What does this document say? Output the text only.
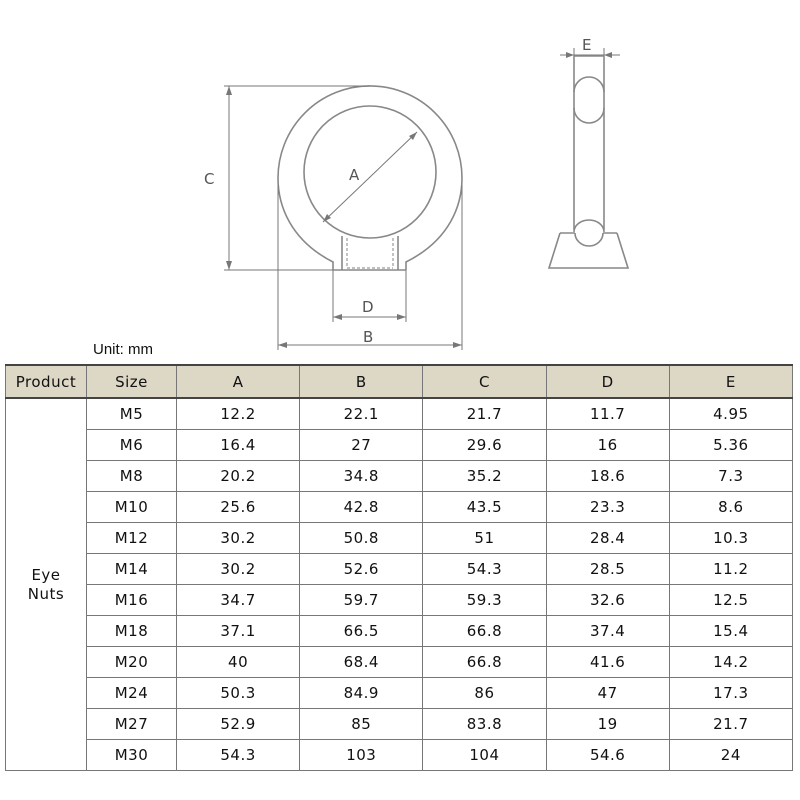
C	A
D
B
E
Unit: mm
Product	Size	A	B	C	D	E
Eye
Nuts	M5	12.2	22.1	21.7	11.7	4.95
	M6	16.4	27	29.6	16	5.36
	M8	20.2	34.8	35.2	18.6	7.3
	M10	25.6	42.8	43.5	23.3	8.6
	M12	30.2	50.8	51	28.4	10.3
	M14	30.2	52.6	54.3	28.5	11.2
	M16	34.7	59.7	59.3	32.6	12.5
	M18	37.1	66.5	66.8	37.4	15.4
	M20	40	68.4	66.8	41.6	14.2
	M24	50.3	84.9	86	47	17.3
	M27	52.9	85	83.8	19	21.7
	M30	54.3	103	104	54.6	24
